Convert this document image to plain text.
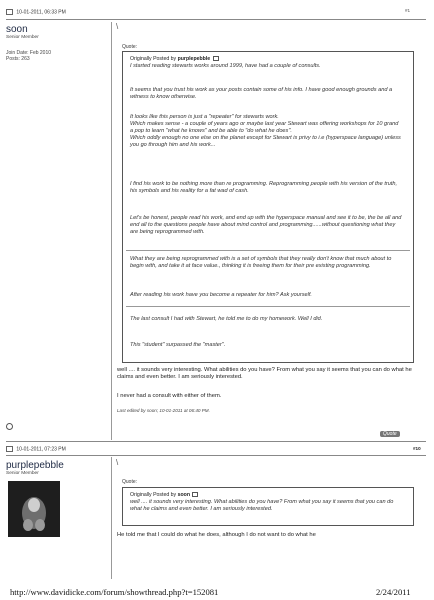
#1
10-01-2011, 06:33 PM
soon
Senior Member
Join Date: Feb 2010
Posts: 263
\
Quote:
Originally Posted by purplepebble

I started reading stewarts works around 1999, have had a couple of consults.

It seems that you trust his work as your posts contain some of his info. I have good enough grounds and a witness to know otherwise.

It looks like this person is just a "repeater" for stewarts work.
Which makes sense - a couple of years ago or maybe last year Stewart was offering workshops for 10 grand a pop to learn "what he knows" and be able to "do what he does".
Which oddly enough no one else on the planet except for Stewart is privy to i.e (hyperspace language) unless you go through him and his work...

I find his work to be nothing more than re programming. Reprogramming people with his version of the truth, his symbols and his reality for a fat wad of cash.

Let's be honest, people read his work, and end up with the hyperspace manual and see it to be, the be all and end all to the questions people have about mind control and programming......without questioning what they are being reprogrammed with.

What they are being reprogrammed with is a set of symbols that they really don't know that much about to begin with, and take it at face value., thinking it is freeing them for their pre existing programming.

After reading his work have you become a repeater for him? Ask yourself.

The last consult I had with Stewart, he told me to do my homework. Well I did.

This "student" surpassed the "master".

well .... it sounds very interesting. What abilities do you have? From what you say it seems that you can do what he claims and even better. I am seriously interested.

I never had a consult with either of them.

Last edited by soon; 10-01-2011 at 06:40 PM.
Quote
#10
10-01-2011, 07:23 PM
purplepebble
Senior Member
\
Quote:
Originally Posted by soon

well .... it sounds very interesting. What abilities do you have? From what you say it seems that you can do what he claims and even better. I am seriously interested.

He told me that I could do what he does, although I do not want to do what he

http://www.davidicke.com/forum/showthread.php?t=152081	2/24/2011
